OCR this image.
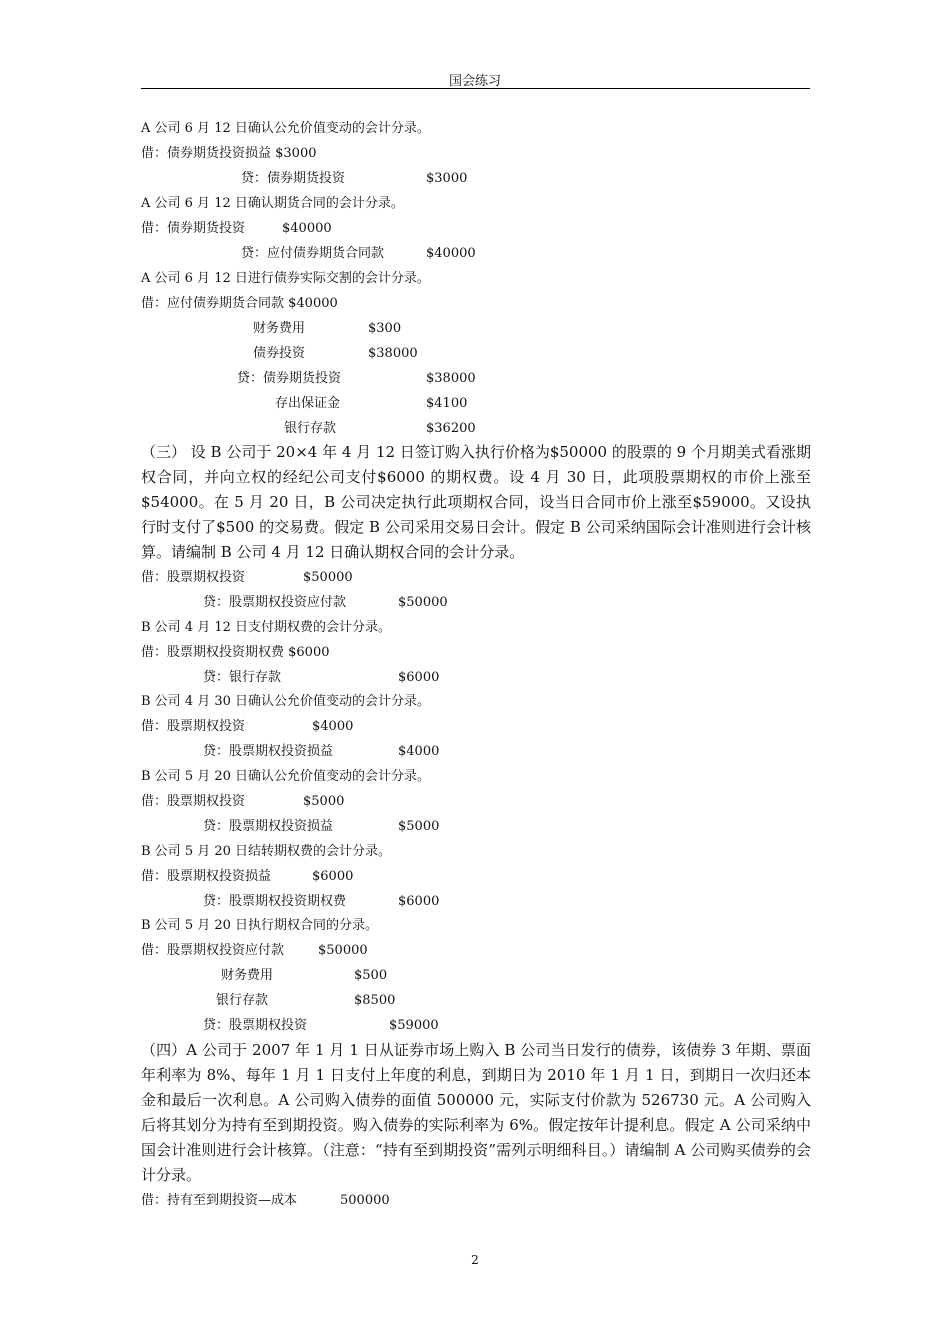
国会练习
A 公司 6 月 12 日确认公允价值变动的会计分录。
借：债券期货投资损益 $3000
贷：债券期货投资	$3000
A 公司 6 月 12 日确认期货合同的会计分录。
借：债券期货投资	$40000
贷：应付债券期货合同款	$40000
A 公司 6 月 12 日进行债券实际交割的会计分录。
借：应付债券期货合同款 $40000
财务费用	$300
债券投资	$38000
贷：债券期货投资	$38000
存出保证金	$4100
银行存款	$36200
（三） 设 B 公司于 20×4 年 4 月 12 日签订购入执行价格为$50000 的股票的 9 个月期美式看涨期权合同，并向立权的经纪公司支付$6000 的期权费。设 4 月 30 日，此项股票期权的市价上涨至$54000。在 5 月 20 日，B 公司决定执行此项期权合同，设当日合同市价上涨至$59000。又设执行时支付了$500 的交易费。假定 B 公司采用交易日会计。假定 B 公司采纳国际会计准则进行会计核算。请编制 B 公司 4 月 12 日确认期权合同的会计分录。
借：股票期权投资	$50000
贷：股票期权投资应付款	$50000
B 公司 4 月 12 日支付期权费的会计分录。
借：股票期权投资期权费 $6000
贷：银行存款	$6000
B 公司 4 月 30 日确认公允价值变动的会计分录。
借：股票期权投资	$4000
贷：股票期权投资损益	$4000
B 公司 5 月 20 日确认公允价值变动的会计分录。
借：股票期权投资	$5000
贷：股票期权投资损益	$5000
B 公司 5 月 20 日结转期权费的会计分录。
借：股票期权投资损益	$6000
贷：股票期权投资期权费	$6000
B 公司 5 月 20 日执行期权合同的分录。
借：股票期权投资应付款	$50000
财务费用	$500
银行存款	$8500
贷：股票期权投资	$59000
（四）A 公司于 2007 年 1 月 1 日从证券市场上购入 B 公司当日发行的债券，该债券 3 年期、票面年利率为 8%、每年 1 月 1 日支付上年度的利息，到期日为 2010 年 1 月 1 日，到期日一次归还本金和最后一次利息。A 公司购入债券的面值 500000 元，实际支付价款为 526730 元。A 公司购入后将其划分为持有至到期投资。购入债券的实际利率为 6%。假定按年计提利息。假定 A 公司采纳中国会计准则进行会计核算。（注意：“持有至到期投资”需列示明细科目。）请编制 A 公司购买债券的会计分录。
借：持有至到期投资—成本	500000
2
